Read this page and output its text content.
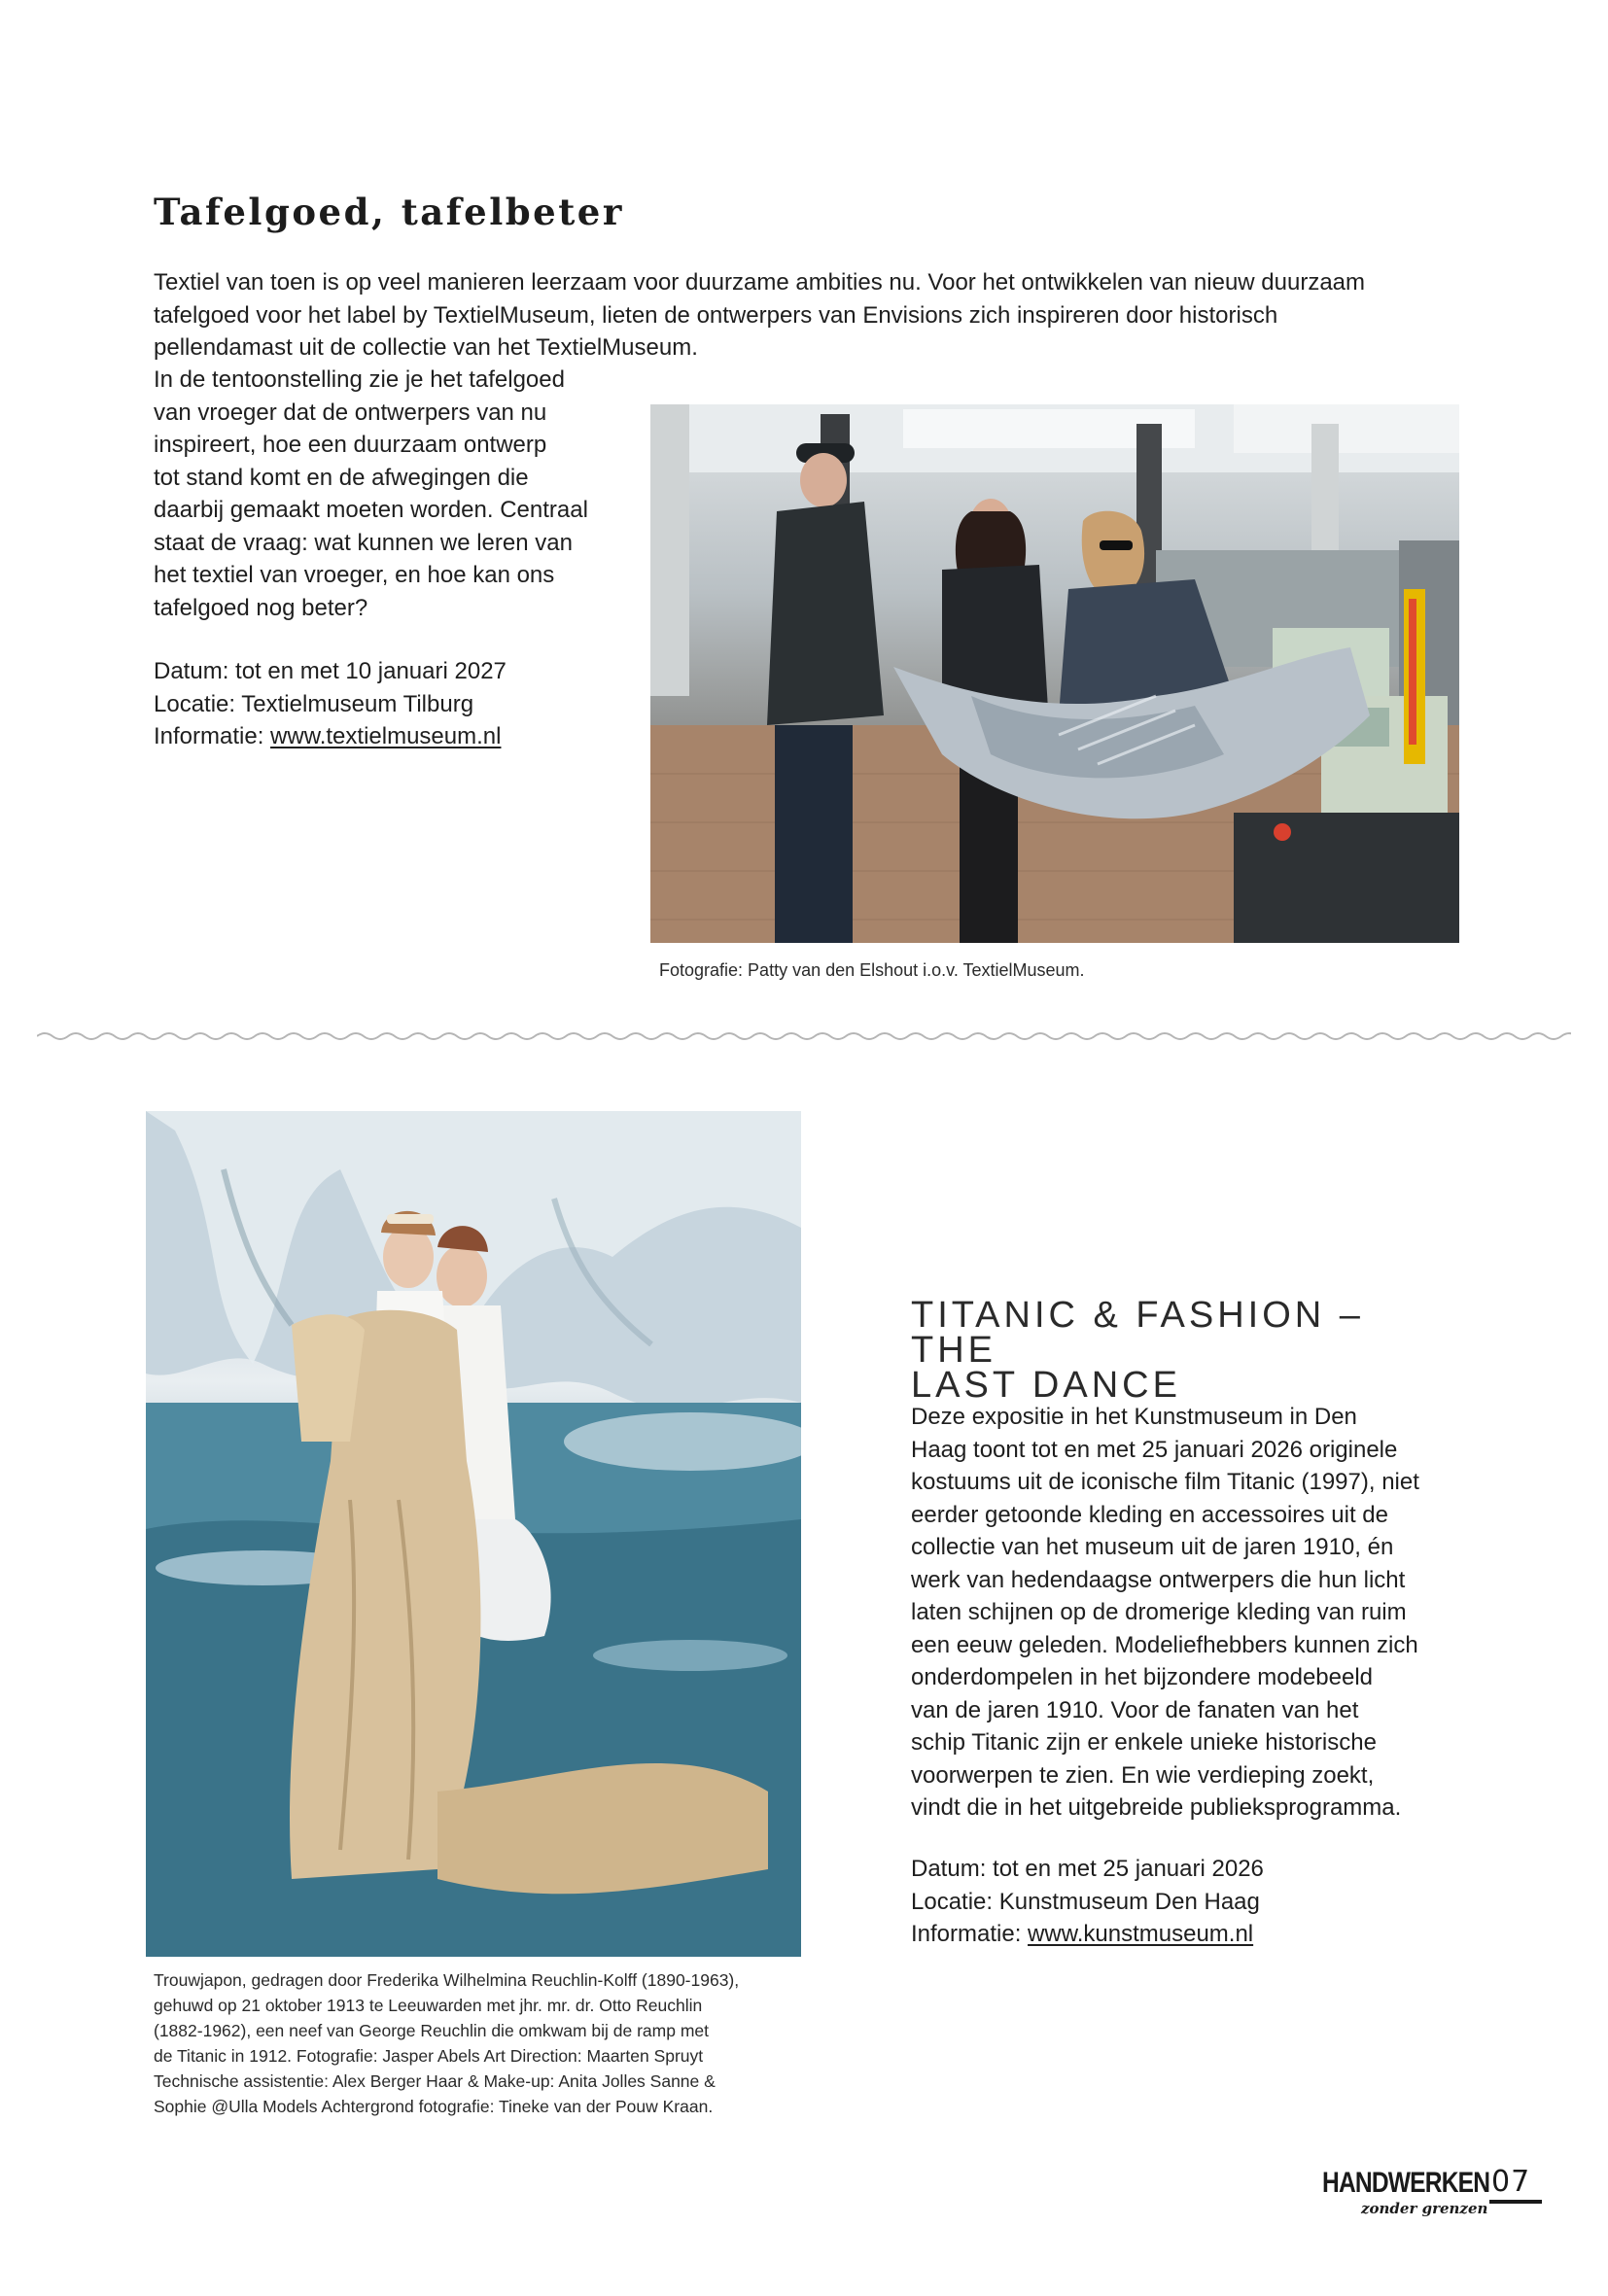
Tafelgoed, tafelbeter

Textiel van toen is op veel manieren leerzaam voor duurzame ambities nu. Voor het ontwikkelen van nieuw duurzaam
tafelgoed voor het label by TextielMuseum, lieten de ontwerpers van Envisions zich inspireren door historisch
pellendamast uit de collectie van het TextielMuseum.

In de tentoonstelling zie je het tafelgoed
van vroeger dat de ontwerpers van nu
inspireert, hoe een duurzaam ontwerp
tot stand komt en de afwegingen die
daarbij gemaakt moeten worden. Centraal
staat de vraag: wat kunnen we leren van
het textiel van vroeger, en hoe kan ons
tafelgoed nog beter?

Datum: tot en met 10 januari 2027
Locatie: Textielmuseum Tilburg
Informatie: www.textielmuseum.nl
Fotografie: Patty van den Elshout i.o.v. TextielMuseum.
Trouwjapon, gedragen door Frederika Wilhelmina Reuchlin-Kolff (1890-1963),
gehuwd op 21 oktober 1913 te Leeuwarden met jhr. mr. dr. Otto Reuchlin
(1882-1962), een neef van George Reuchlin die omkwam bij de ramp met
de Titanic in 1912. Fotografie: Jasper Abels Art Direction: Maarten Spruyt
Technische assistentie: Alex Berger Haar & Make-up: Anita Jolles Sanne &
Sophie @Ulla Models Achtergrond fotografie: Tineke van der Pouw Kraan.
TITANIC & FASHION – THE
LAST DANCE

Deze expositie in het Kunstmuseum in Den
Haag toont tot en met 25 januari 2026 originele
kostuums uit de iconische film Titanic (1997), niet
eerder getoonde kleding en accessoires uit de
collectie van het museum uit de jaren 1910, én
werk van hedendaagse ontwerpers die hun licht
laten schijnen op de dromerige kleding van ruim
een eeuw geleden. Modeliefhebbers kunnen zich
onderdompelen in het bijzondere modebeeld
van de jaren 1910. Voor de fanaten van het
schip Titanic zijn er enkele unieke historische
voorwerpen te zien. En wie verdieping zoekt,
vindt die in het uitgebreide publieksprogramma.

Datum: tot en met 25 januari 2026
Locatie: Kunstmuseum Den Haag
Informatie: www.kunstmuseum.nl
HANDWERKEN
zonder grenzen
07
